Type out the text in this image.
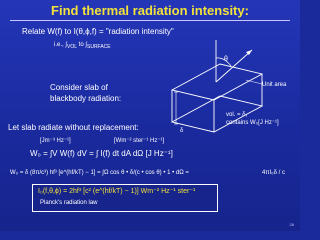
Find thermal radiation intensity:
Relate W(f) to I(θ,ϕ,f) = "radiation intensity"
i.e., $\int_{VOL}$ to $\int_{SURFACE}$
Consider slab of
blackbody radiation:
θ
Unit area
vol. = δ,
contains W₀[J Hz⁻¹]
δ
Let slab radiate without replacement:
[Jm⁻³ Hz⁻¹]	[Wm⁻² ster⁻¹ Hz⁻¹]
W₀ = ∫V W(f) dV = ∫ I(f) dt dA dΩ [J Hz⁻¹]
W₀ = δ (8π/c³) hf³ [e^(hf/kT) − 1] = ∫Ω cos θ • δ/(c • cos θ) • 1 • dΩ =	4πI₀δ / c
I₀(f,θ,ϕ) = 2hf³ [c² (e^(hf/kT) − 1)] Wm⁻² Hz⁻¹ ster⁻¹
Planck's radiation law
26
